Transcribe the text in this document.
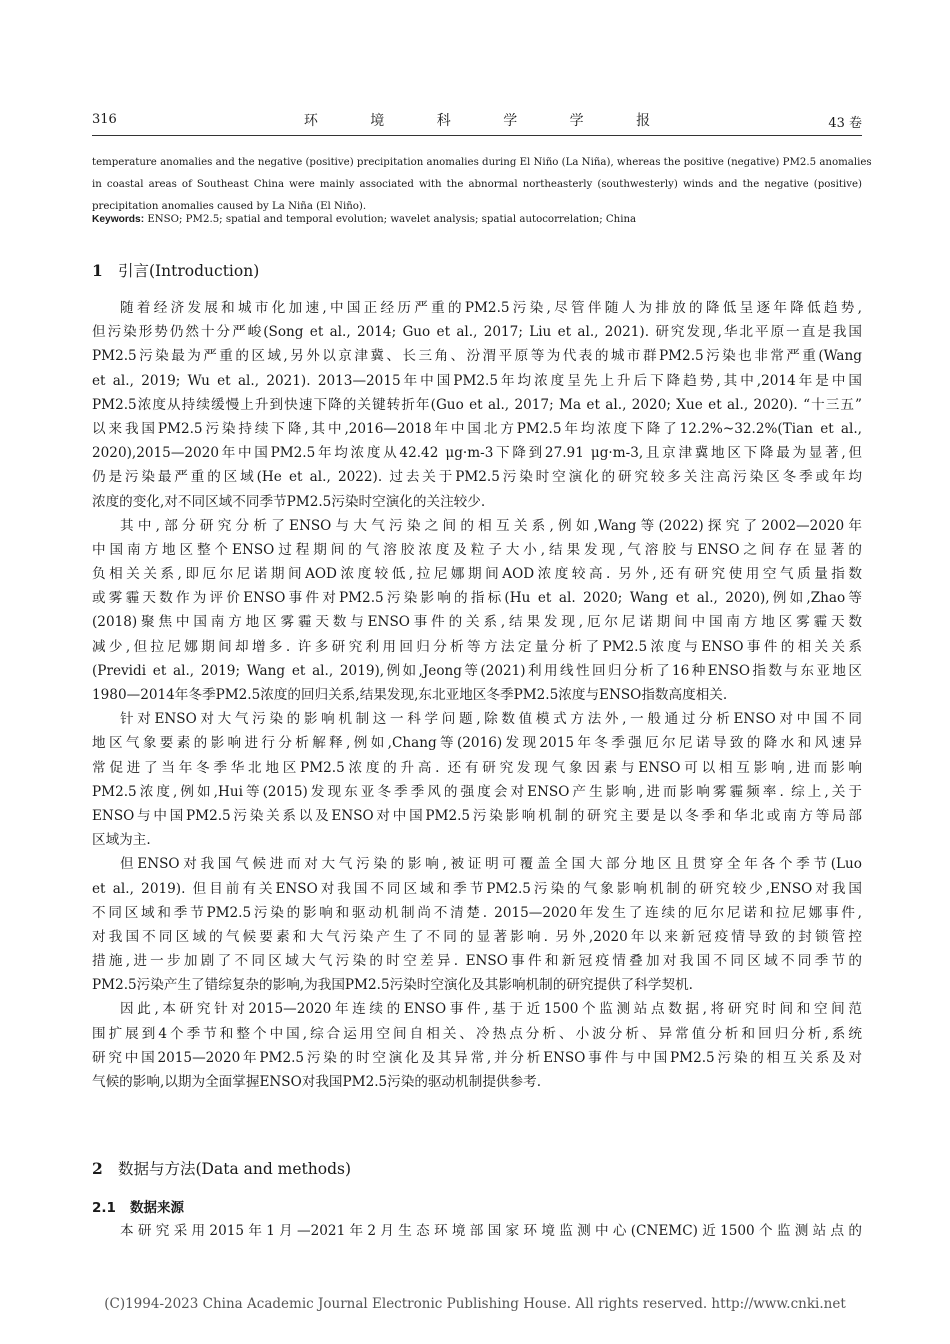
316	环 境 科 学 学 报	43 卷
temperature anomalies and the negative (positive) precipitation anomalies during El Niño (La Niña), whereas the positive (negative) PM2.5 anomalies
in coastal areas of Southeast China were mainly associated with the abnormal northeasterly (southwesterly) winds and the negative (positive)
precipitation anomalies caused by La Niña (El Niño).
Keywords: ENSO; PM2.5; spatial and temporal evolution; wavelet analysis; spatial autocorrelation; China
1 引言(Introduction)
随着经济发展和城市化加速,中国正经历严重的PM2.5污染,尽管伴随人为排放的降低呈逐年降低趋势,
但污染形势仍然十分严峻(Song et al., 2014; Guo et al., 2017; Liu et al., 2021). 研究发现,华北平原一直是我国
PM2.5污染最为严重的区域,另外以京津冀、长三角、汾渭平原等为代表的城市群PM2.5污染也非常严重(Wang
et al., 2019; Wu et al., 2021). 2013—2015年中国PM2.5年均浓度呈先上升后下降趋势,其中,2014年是中国
PM2.5浓度从持续缓慢上升到快速下降的关键转折年(Guo et al., 2017; Ma et al., 2020; Xue et al., 2020). “十三五”
以来我国PM2.5污染持续下降,其中,2016—2018年中国北方PM2.5年均浓度下降了12.2%~32.2%(Tian et al.,
2020),2015—2020年中国PM2.5年均浓度从42.42 μg·m-3下降到27.91 μg·m-3,且京津冀地区下降最为显著,但
仍是污染最严重的区域(He et al., 2022). 过去关于PM2.5污染时空演化的研究较多关注高污染区冬季或年均
浓度的变化,对不同区域不同季节PM2.5污染时空演化的关注较少.
其中,部分研究分析了ENSO与大气污染之间的相互关系,例如,Wang等(2022)探究了2002—2020年
中国南方地区整个ENSO过程期间的气溶胶浓度及粒子大小,结果发现,气溶胶与ENSO之间存在显著的
负相关关系,即厄尔尼诺期间AOD浓度较低,拉尼娜期间AOD浓度较高. 另外,还有研究使用空气质量指数
或雾霾天数作为评价ENSO事件对PM2.5污染影响的指标(Hu et al. 2020; Wang et al., 2020),例如,Zhao等
(2018)聚焦中国南方地区雾霾天数与ENSO事件的关系,结果发现,厄尔尼诺期间中国南方地区雾霾天数
减少,但拉尼娜期间却增多. 许多研究利用回归分析等方法定量分析了PM2.5浓度与ENSO事件的相关关系
(Previdi et al., 2019; Wang et al., 2019),例如,Jeong等(2021)利用线性回归分析了16种ENSO指数与东亚地区
1980—2014年冬季PM2.5浓度的回归关系,结果发现,东北亚地区冬季PM2.5浓度与ENSO指数高度相关.
针对ENSO对大气污染的影响机制这一科学问题,除数值模式方法外,一般通过分析ENSO对中国不同
地区气象要素的影响进行分析解释,例如,Chang等(2016)发现2015年冬季强厄尔尼诺导致的降水和风速异
常促进了当年冬季华北地区PM2.5浓度的升高. 还有研究发现气象因素与ENSO可以相互影响,进而影响
PM2.5浓度,例如,Hui等(2015)发现东亚冬季季风的强度会对ENSO产生影响,进而影响雾霾频率. 综上,关于
ENSO与中国PM2.5污染关系以及ENSO对中国PM2.5污染影响机制的研究主要是以冬季和华北或南方等局部
区域为主.
但ENSO对我国气候进而对大气污染的影响,被证明可覆盖全国大部分地区且贯穿全年各个季节(Luo
et al., 2019). 但目前有关ENSO对我国不同区域和季节PM2.5污染的气象影响机制的研究较少,ENSO对我国
不同区域和季节PM2.5污染的影响和驱动机制尚不清楚. 2015—2020年发生了连续的厄尔尼诺和拉尼娜事件,
对我国不同区域的气候要素和大气污染产生了不同的显著影响. 另外,2020年以来新冠疫情导致的封锁管控
措施,进一步加剧了不同区域大气污染的时空差异. ENSO事件和新冠疫情叠加对我国不同区域不同季节的
PM2.5污染产生了错综复杂的影响,为我国PM2.5污染时空演化及其影响机制的研究提供了科学契机.
因此,本研究针对2015—2020年连续的ENSO事件,基于近1500个监测站点数据,将研究时间和空间范
围扩展到4个季节和整个中国,综合运用空间自相关、冷热点分析、小波分析、异常值分析和回归分析,系统
研究中国2015—2020年PM2.5污染的时空演化及其异常,并分析ENSO事件与中国PM2.5污染的相互关系及对
气候的影响,以期为全面掌握ENSO对我国PM2.5污染的驱动机制提供参考.
2 数据与方法(Data and methods)
2.1 数据来源
本研究采用2015年1月—2021年2月生态环境部国家环境监测中心(CNEMC)近1500个监测站点的
(C)1994-2023 China Academic Journal Electronic Publishing House. All rights reserved. http://www.cnki.net
